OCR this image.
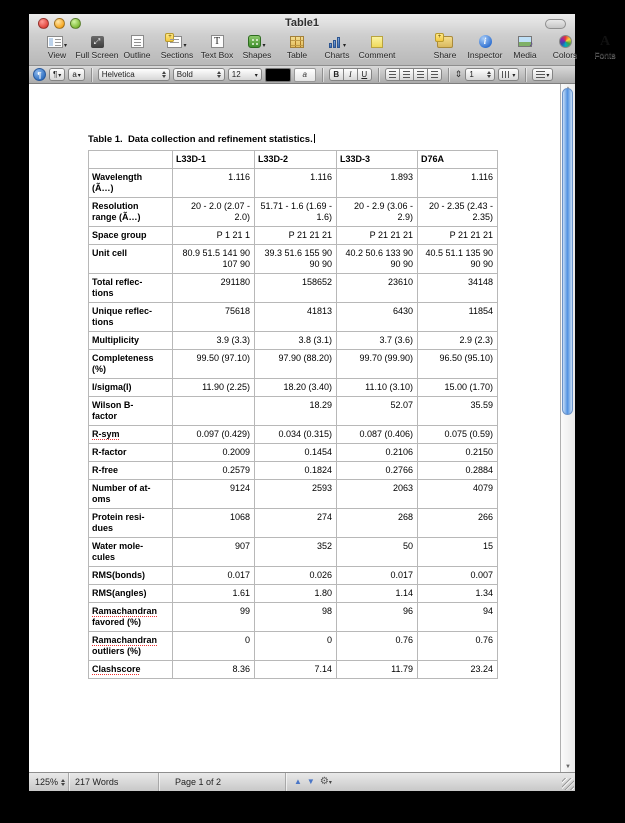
Table1
▾
View
⤢
Full Screen Outline
+
▾
Sections
T
Text Box
▾
Shapes Table
▾
Charts Comment
+	Share
i
Inspector
♪ Media Colors
A
Fonts
¶	¶ ▾ a ▾	Helvetica	Bold	12 ▾	a	B	I	U	⇕ 1	▾	▾

Table 1.  Data collection and refinement statistics.

	L33D-1	L33D-2	L33D-3	D76A
Wavelength
(Ã…)	1.116	1.116	1.893	1.116
Resolution
range (Ã…)	20 - 2.0 (2.07 - 2.0)	51.71 - 1.6 (1.69 - 1.6)	20 - 2.9 (3.06 - 2.9)	20 - 2.35 (2.43 - 2.35)
Space group	P 1 21 1	P 21 21 21	P 21 21 21	P 21 21 21
Unit cell	80.9 51.5 141 90 107 90	39.3 51.6 155 90 90 90	40.2 50.6 133 90 90 90	40.5 51.1 135 90 90 90
Total reflec-
tions	291180	158652	23610	34148
Unique reflec-
tions	75618	41813	6430	11854
Multiplicity	3.9 (3.3)	3.8 (3.1)	3.7 (3.6)	2.9 (2.3)
Completeness
(%)	99.50 (97.10)	97.90 (88.20)	99.70 (99.90)	96.50 (95.10)
I/sigma(I)	11.90 (2.25)	18.20 (3.40)	11.10 (3.10)	15.00 (1.70)
Wilson B-
factor		18.29	52.07	35.59
R-sym	0.097 (0.429)	0.034 (0.315)	0.087 (0.406)	0.075 (0.59)
R-factor	0.2009	0.1454	0.2106	0.2150
R-free	0.2579	0.1824	0.2766	0.2884
Number of at-
oms	9124	2593	2063	4079
Protein resi-
dues	1068	274	268	266
Water mole-
cules	907	352	50	15
RMS(bonds)	0.017	0.026	0.017	0.007
RMS(angles)	1.61	1.80	1.14	1.34
Ramachandran
favored (%)	99	98	96	94
Ramachandran
outliers (%)	0	0	0.76	0.76
Clashscore	8.36	7.14	11.79	23.24
▼
125% 217 Words	Page 1 of 2	▲ ▼ ⚙▾
